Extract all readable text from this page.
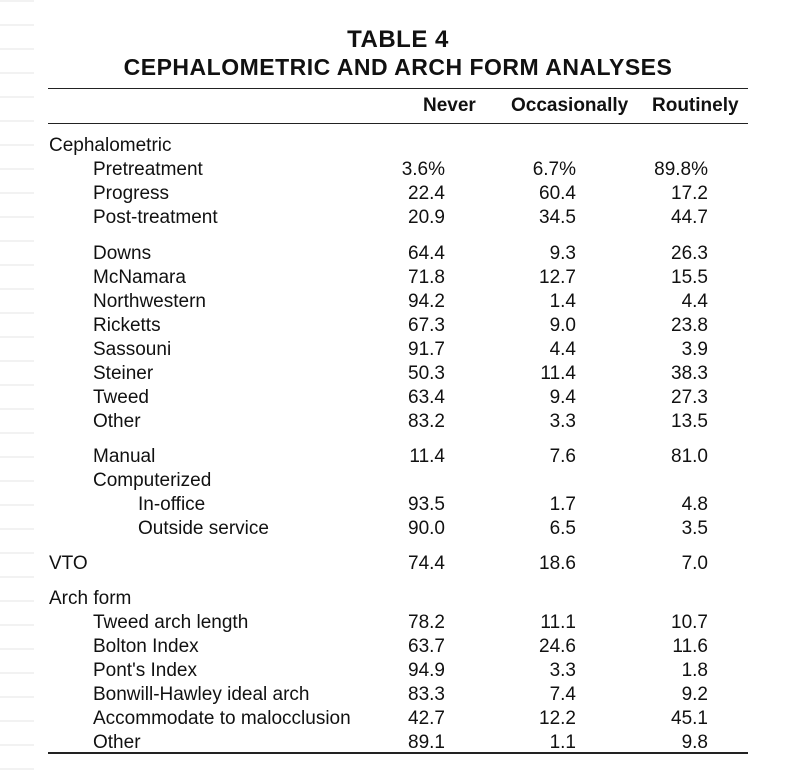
TABLE 4
CEPHALOMETRIC AND ARCH FORM ANALYSES
Never Occasionally Routinely
Cephalometric
Pretreatment	3.6%	6.7%	89.8%
Progress	22.4	60.4	17.2
Post-treatment	20.9	34.5	44.7
Downs	64.4	9.3	26.3
McNamara	71.8	12.7	15.5
Northwestern	94.2	1.4	4.4
Ricketts	67.3	9.0	23.8
Sassouni	91.7	4.4	3.9
Steiner	50.3	11.4	38.3
Tweed	63.4	9.4	27.3
Other	83.2	3.3	13.5
Manual	11.4	7.6	81.0
Computerized
In-office	93.5	1.7	4.8
Outside service	90.0	6.5	3.5
VTO	74.4	18.6	7.0
Arch form
Tweed arch length	78.2	11.1	10.7
Bolton Index	63.7	24.6	11.6
Pont's Index	94.9	3.3	1.8
Bonwill-Hawley ideal arch	83.3	7.4	9.2
Accommodate to malocclusion	42.7	12.2	45.1
Other	89.1	1.1	9.8
